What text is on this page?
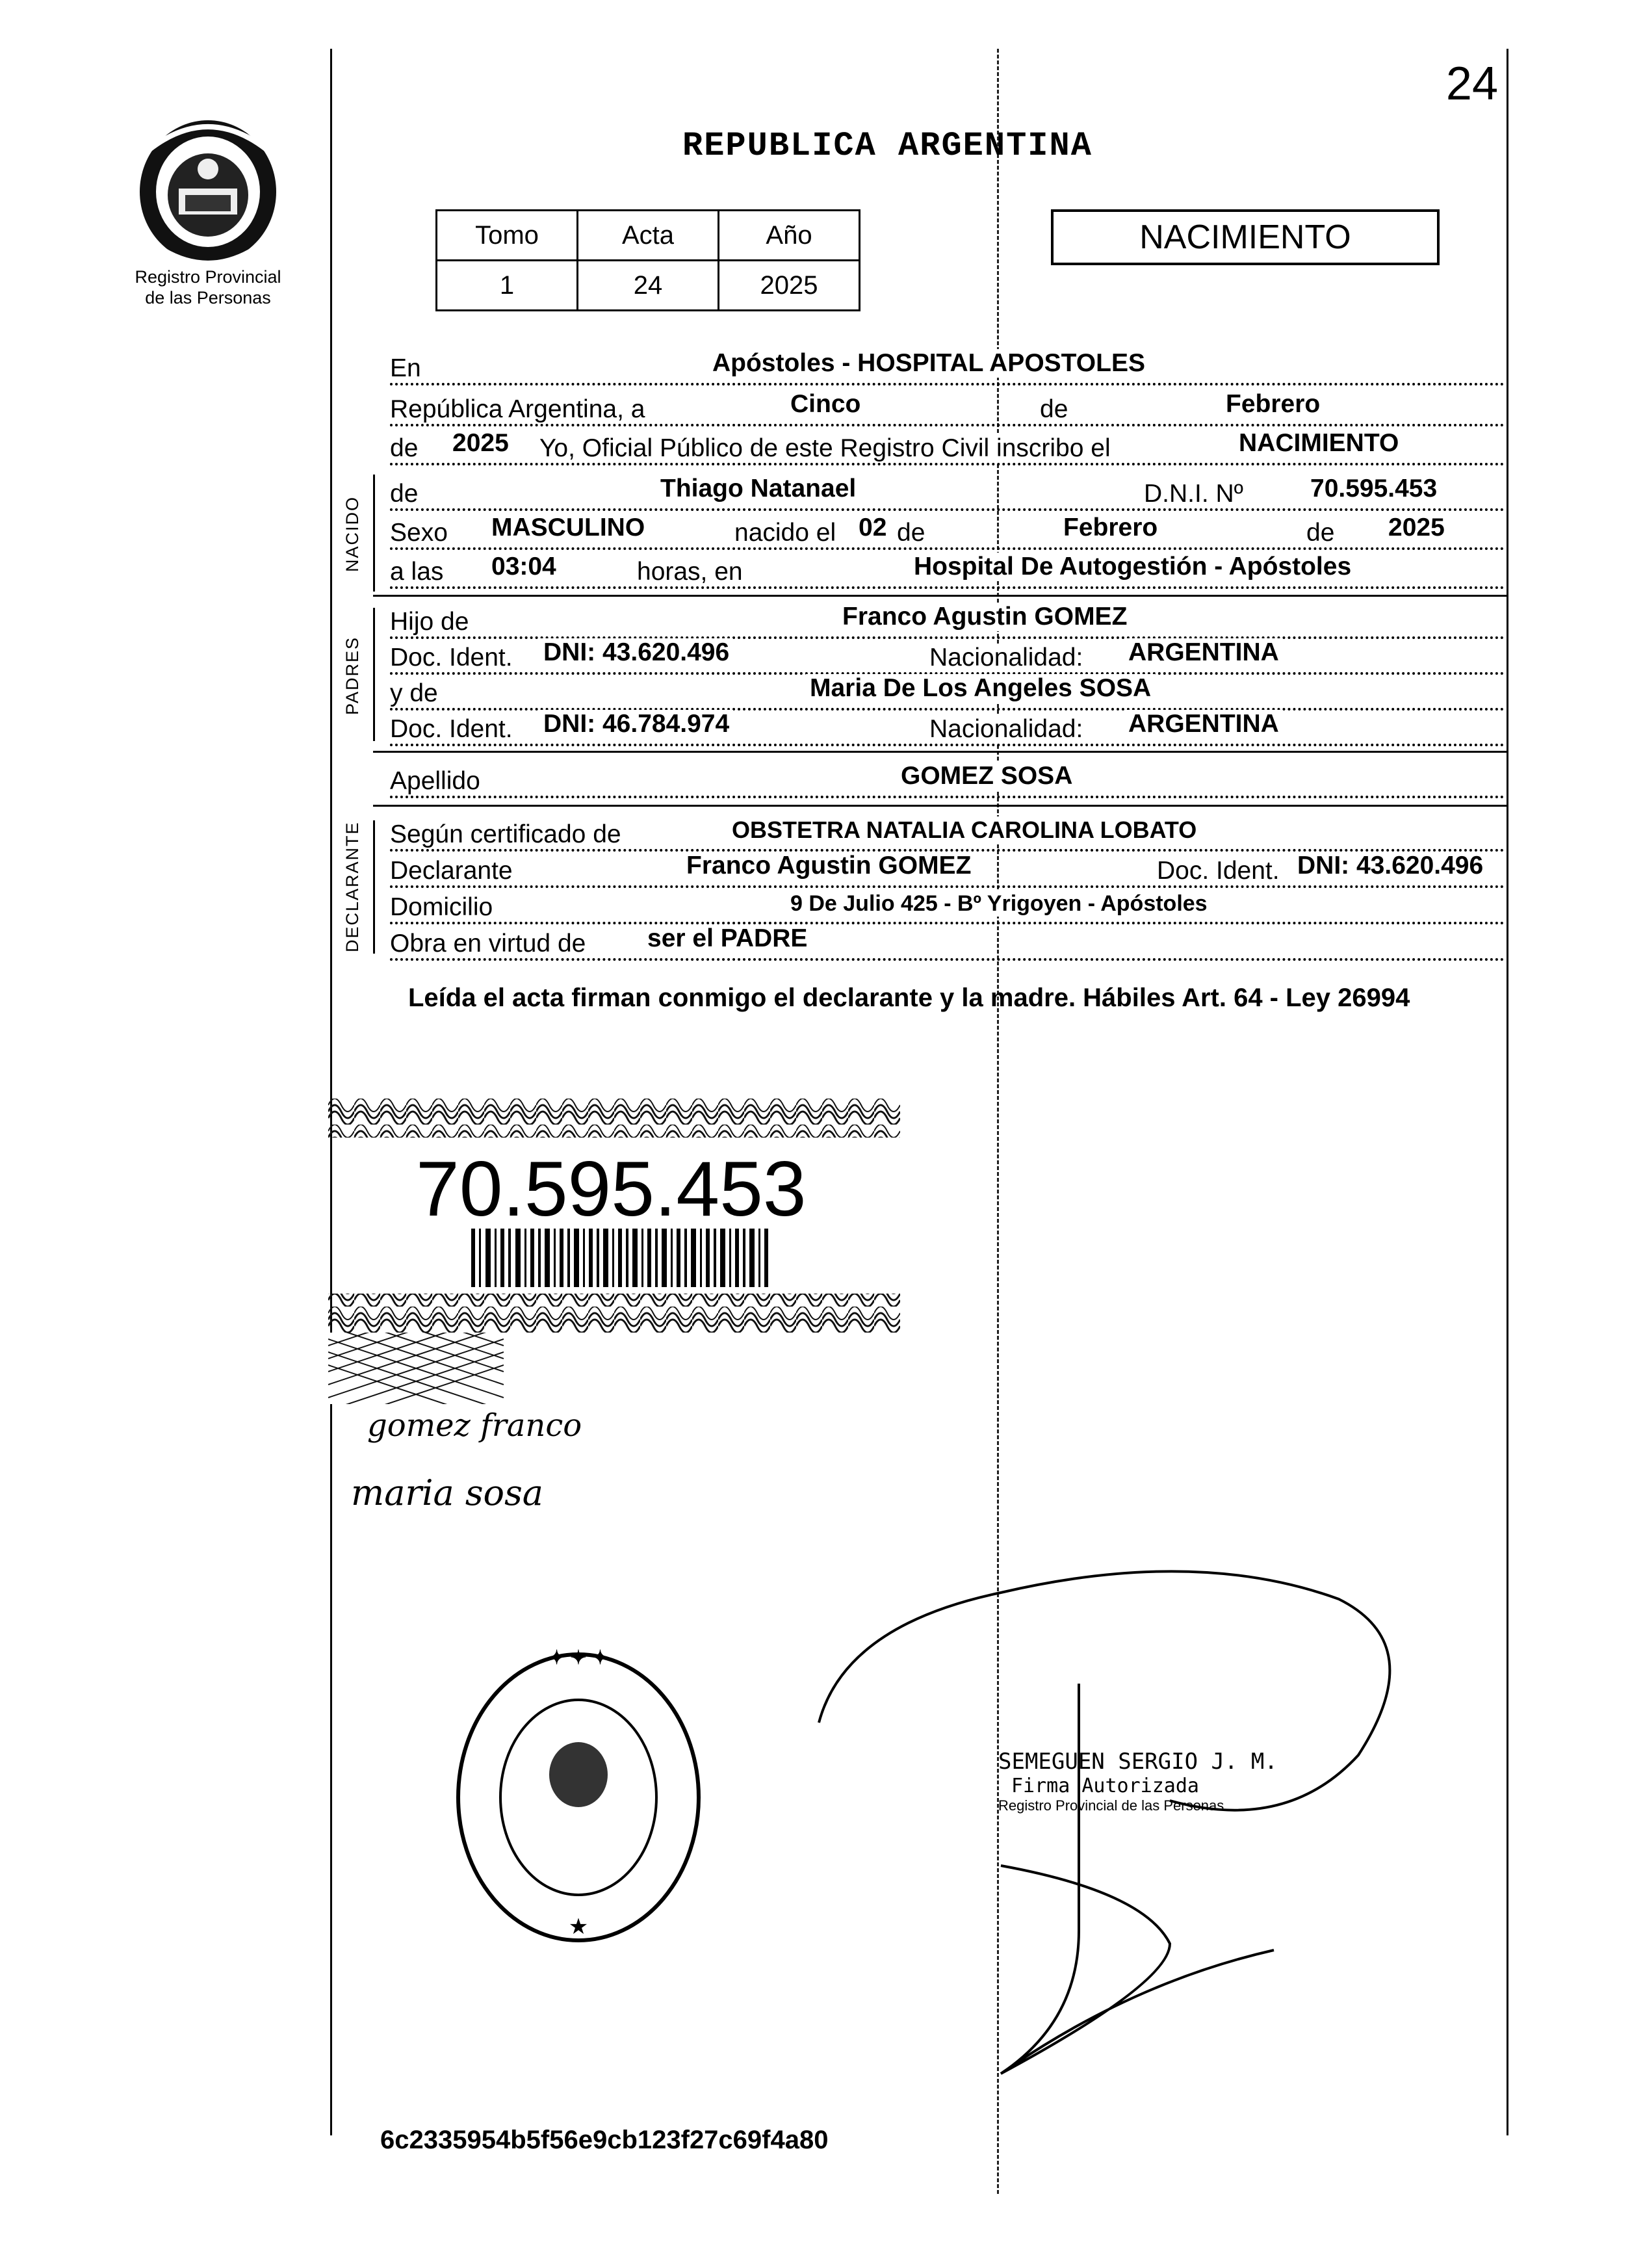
24
Registro Provincial
de las Personas
REPUBLICA ARGENTINA
Tomo	Acta	Año
1	24	2025
NACIMIENTO
En	Apóstoles - HOSPITAL APOSTOLES
República Argentina, a	Cinco	de	Febrero
de 2025 Yo, Oficial Público de este Registro Civil inscribo el	NACIMIENTO
NACIDO
de	Thiago Natanael	D.N.I. Nº	70.595.453
Sexo MASCULINO	nacido el 02 de	Febrero	de 2025
a las 03:04	horas, en	Hospital De Autogestión - Apóstoles
PADRES
Hijo de	Franco Agustin GOMEZ
Doc. Ident. DNI: 43.620.496	Nacionalidad: ARGENTINA
y de	Maria De Los Angeles SOSA
Doc. Ident. DNI: 46.784.974	Nacionalidad: ARGENTINA
Apellido	GOMEZ SOSA
DECLARANTE Según certificado de	OBSTETRA NATALIA CAROLINA LOBATO
Declarante	Franco Agustin GOMEZ	Doc. Ident. DNI: 43.620.496
Domicilio	9 De Julio 425 - Bº Yrigoyen - Apóstoles
Obra en virtud de ser el PADRE
Leída el acta firman conmigo el declarante y la madre. Hábiles Art. 64 - Ley 26994
70.595.453
gomez franco
maria sosa
✦ ✦ ✦
★
SEMEGUEN SERGIO J. M.
Firma Autorizada
Registro Provincial de las Personas
6c2335954b5f56e9cb123f27c69f4a80
